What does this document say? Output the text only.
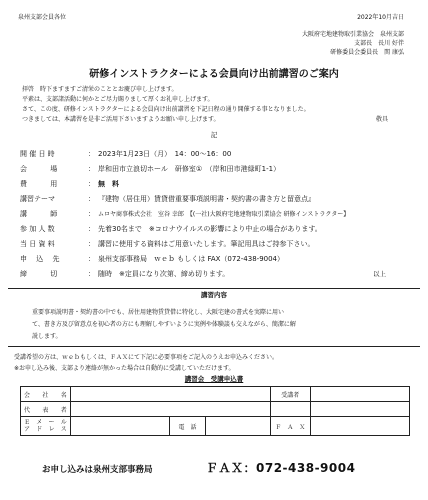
泉州支部会員各位	2022年10月吉日
大阪府宅地建物取引業協会　泉州支部
支部長　長川 好伴
研修委員会委員長　関 康弘
研修インストラクターによる会員向け出前講習のご案内
拝啓　時下ますますご清栄のこととお慶び申し上げます。
平素は、支部諸活動に何かとご尽力賜りまして厚くお礼申し上げます。
さて、この度、研修インストラクターによる会員向け出前講習を下記日程の通り開催する事となりました。
つきましては、本講習を是非ご活用下さいますようお願い申し上げます。	敬具
記
開 催 日 時	： 2023年1月23日（月）　14：00～16：00
会　　　 場	： 岸和田市立浪切ホール　研修室①　（岸和田市港緑町1-1）
費　　　 用	： 無　料
講習テーマ	： 『建物（居住用）賃貸借重要事項説明書・契約書の書き方と留意点』
講　　　 師	： ムロヤ商事株式会社　室谷 幸郎　【(一社)大阪府宅地建物取引業協会 研修インストラクター】
参 加 人 数	： 先着30名まで　※コロナウイルスの影響により中止の場合があります。
当 日 資 料	： 講習に使用する資料はご用意いたします。筆記用具はご持参下さい。
申　 込　 先	： 泉州支部事務局　ｗｅｂ もしくは FAX（072-438-9004）
締　　　 切	： 随時　※定員になり次第、締め切ります。	以上
講習内容
重要事項説明書・契約書の中でも、居住用建物賃貸借に特化し、大阪宅建の書式を実際に用い
て、書き方及び留意点を初心者の方にも理解しやすいように実例や体験談も交えながら、簡潔に解
説します。
受講希望の方は、ｗｅｂもしくは、ＦＡＸにて下記に必要事項をご記入のうえお申込みください。
※お申し込み後、支部より連絡が無かった場合は自動的に受講していただけます。
講習会　受講申込書
会　社　名				受講者	
代表者					
Ｅメール
アドレス		電　話		Ｆ　Ａ　Ｘ	
お申し込みは泉州支部事務局	ＦＡＸ：072-438-9004
